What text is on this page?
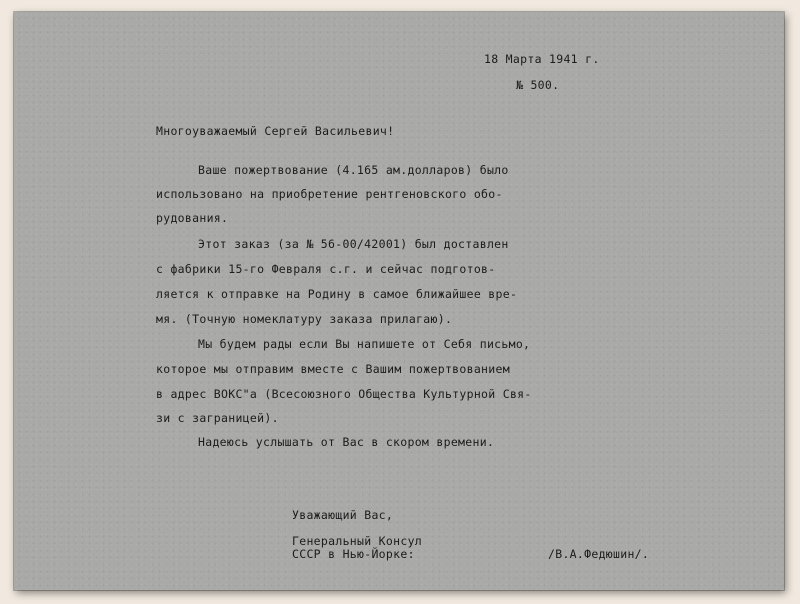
18 Марта 1941 г.
№ 500.
Многоуважаемый Сергей Васильевич!
Ваше пожертвование (4.165 ам.долларов) было
использовано на приобретение рентгеновского обо-
рудования.
Этот заказ (за № 56-00/42001) был доставлен
с фабрики 15-го Февраля с.г. и сейчас подготов-
ляется к отправке на Родину в самое ближайшее вре-
мя. (Точную номеклатуру заказа прилагаю).
Мы будем рады если Вы напишете от Себя письмо,
которое мы отправим вместе с Вашим пожертвованием
в адрес ВОКС"а (Всесоюзного Общества Культурной Свя-
зи с заграницей).
Надеюсь услышать от Вас в скором времени.
Уважающий Вас,
Генеральный Консул
СССР в Нью-Йорке:	/В.А.Федюшин/.
